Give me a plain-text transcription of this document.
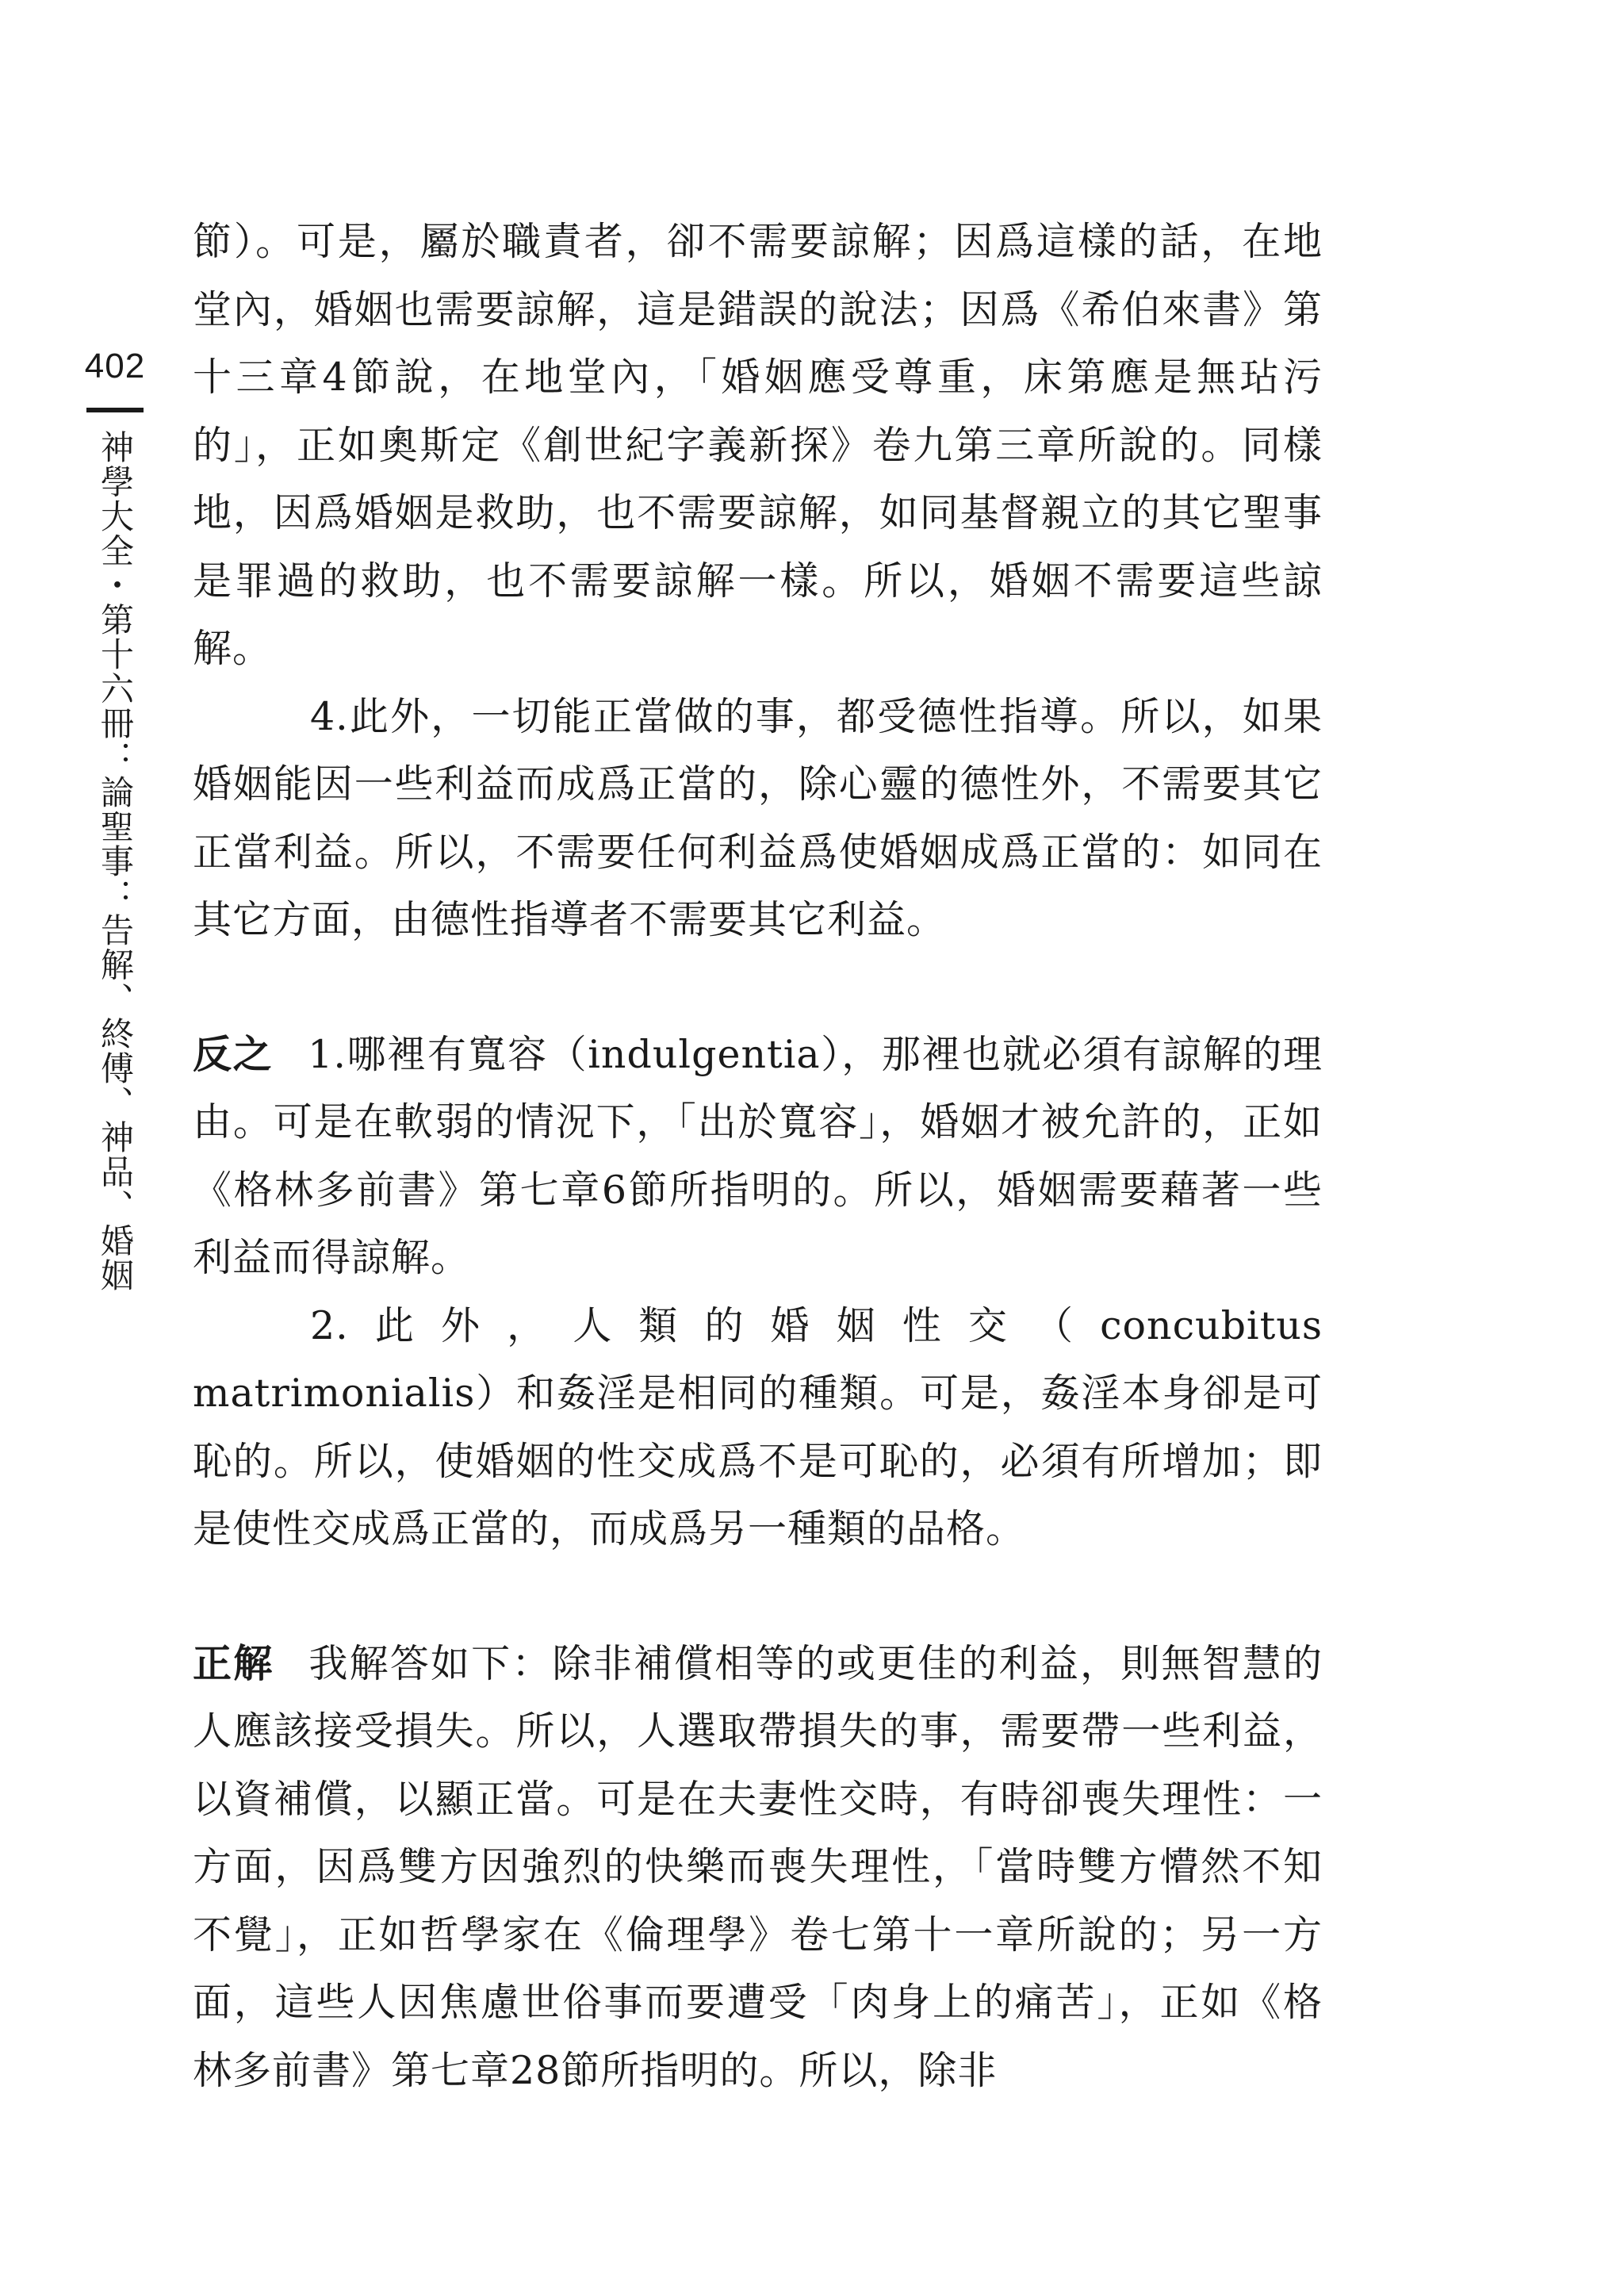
402
神學大全・第十六冊：論聖事：告解、終傅、神品、婚姻

節）。可是，屬於職責者，卻不需要諒解；因爲這樣的話，在地堂內，婚姻也需要諒解，這是錯誤的說法；因爲《希伯來書》第十三章4節說，在地堂內，「婚姻應受尊重，床第應是無玷污的」，正如奧斯定《創世紀字義新探》卷九第三章所說的。同樣地，因爲婚姻是救助，也不需要諒解，如同基督親立的其它聖事是罪過的救助，也不需要諒解一樣。所以，婚姻不需要這些諒解。

4.此外，一切能正當做的事，都受德性指導。所以，如果婚姻能因一些利益而成爲正當的，除心靈的德性外，不需要其它正當利益。所以，不需要任何利益爲使婚姻成爲正當的：如同在其它方面，由德性指導者不需要其它利益。

反之 1.哪裡有寬容（indulgentia），那裡也就必須有諒解的理由。可是在軟弱的情況下，「出於寬容」，婚姻才被允許的，正如《格林多前書》第七章6節所指明的。所以，婚姻需要藉著一些利益而得諒解。

2.此外，人類的婚姻性交（concubitus matrimonialis）和姦淫是相同的種類。可是，姦淫本身卻是可恥的。所以，使婚姻的性交成爲不是可恥的，必須有所增加；即是使性交成爲正當的，而成爲另一種類的品格。

正解 我解答如下：除非補償相等的或更佳的利益，則無智慧的人應該接受損失。所以，人選取帶損失的事，需要帶一些利益，以資補償，以顯正當。可是在夫妻性交時，有時卻喪失理性：一方面，因爲雙方因強烈的快樂而喪失理性，「當時雙方懵然不知不覺」，正如哲學家在《倫理學》卷七第十一章所說的；另一方面，這些人因焦慮世俗事而要遭受「肉身上的痛苦」，正如《格林多前書》第七章28節所指明的。所以，除非
